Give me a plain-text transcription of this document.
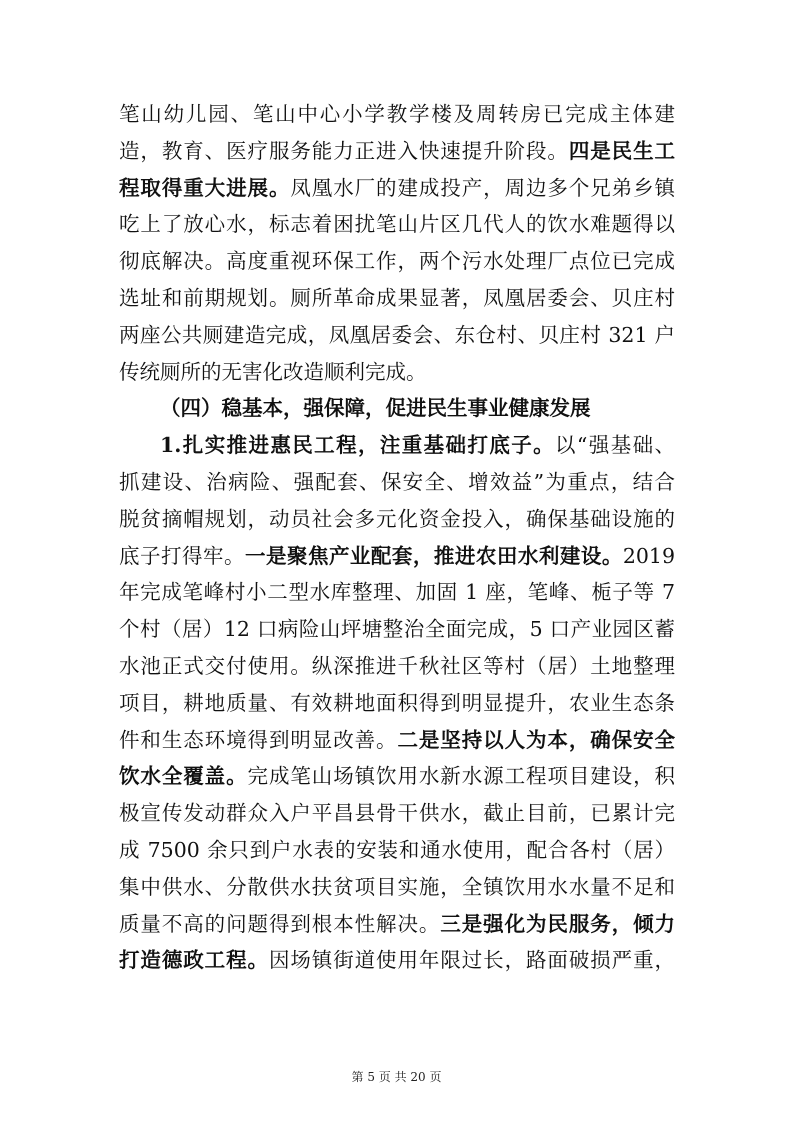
笔山幼儿园、笔山中心小学教学楼及周转房已完成主体建
造，教育、医疗服务能力正进入快速提升阶段。四是民生工
程取得重大进展。凤凰水厂的建成投产，周边多个兄弟乡镇
吃上了放心水，标志着困扰笔山片区几代人的饮水难题得以
彻底解决。高度重视环保工作，两个污水处理厂点位已完成
选址和前期规划。厕所革命成果显著，凤凰居委会、贝庄村
两座公共厕建造完成，凤凰居委会、东仓村、贝庄村 321 户
传统厕所的无害化改造顺利完成。
（四）稳基本，强保障，促进民生事业健康发展
1.扎实推进惠民工程，注重基础打底子。以“强基础、
抓建设、治病险、强配套、保安全、增效益”为重点，结合
脱贫摘帽规划，动员社会多元化资金投入，确保基础设施的
底子打得牢。一是聚焦产业配套，推进农田水利建设。2019
年完成笔峰村小二型水库整理、加固 1 座，笔峰、栀子等 7
个村（居）12 口病险山坪塘整治全面完成，5 口产业园区蓄
水池正式交付使用。纵深推进千秋社区等村（居）土地整理
项目，耕地质量、有效耕地面积得到明显提升，农业生态条
件和生态环境得到明显改善。二是坚持以人为本，确保安全
饮水全覆盖。完成笔山场镇饮用水新水源工程项目建设，积
极宣传发动群众入户平昌县骨干供水，截止目前，已累计完
成 7500 余只到户水表的安装和通水使用，配合各村（居）
集中供水、分散供水扶贫项目实施，全镇饮用水水量不足和
质量不高的问题得到根本性解决。三是强化为民服务，倾力
打造德政工程。因场镇街道使用年限过长，路面破损严重，
第 5 页 共 20 页
